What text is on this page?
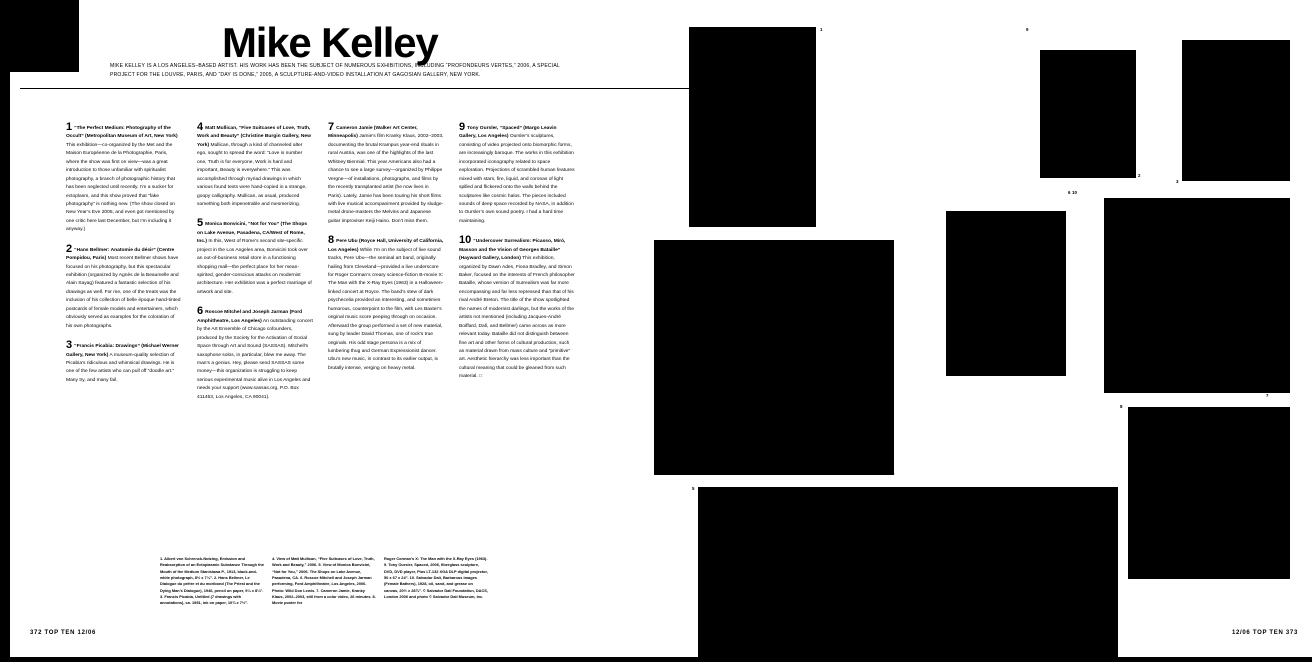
Mike Kelley
MIKE KELLEY IS A LOS ANGELES–BASED ARTIST. HIS WORK HAS BEEN THE SUBJECT OF NUMEROUS EXHIBITIONS, INCLUDING “PROFONDEURS VERTES,” 2006, A SPECIAL PROJECT FOR THE LOUVRE, PARIS, AND “DAY IS DONE,” 2005, A SCULPTURE-AND-VIDEO INSTALLATION AT GAGOSIAN GALLERY, NEW YORK.

1 “The Perfect Medium: Photography of the Occult” (Metropolitan Museum of Art, New York) This exhibition—co-organized by the Met and the Maison Européenne de la Photographie, Paris, where the show was first on view—was a great introduction to those unfamiliar with spiritualist photography, a branch of photographic history that has been neglected until recently. I’m a sucker for ectoplasm, and this show proved that “fake photography” is nothing new. (The show closed on New Year’s Eve 2005, and even got mentioned by one critic here last December, but I’m including it anyway.)

2 “Hans Bellmer: Anatomie du désir” (Centre Pompidou, Paris) Most recent Bellmer shows have focused on his photography, but this spectacular exhibition (organized by Agnès de la Beaumelle and Alain Sayag) featured a fantastic selection of his drawings as well. For me, one of the treats was the inclusion of his collection of belle époque hand-tinted postcards of female models and entertainers, which obviously served as examples for the coloration of his own photographs.

3 “Francis Picabia: Drawings” (Michael Werner Gallery, New York) A museum-quality selection of Picabia’s ridiculous and whimsical drawings. He is one of the few artists who can pull off “doodle art.” Many try, and many fail.

4 Matt Mullican, “Five Suitcases of Love, Truth, Work and Beauty” (Christine Burgin Gallery, New York) Mullican, through a kind of channeled alter ego, sought to spread the word: “Love is number one, Truth is for everyone, Work is hard and important, Beauty is everywhere.” This was accomplished through myriad drawings in which various found texts were hand-copied in a strange, goopy calligraphy. Mullican, as usual, produced something both impenetrable and mesmerizing.

5 Monica Bonvicini, “Not for You” (The Shops on Lake Avenue, Pasadena, CA/West of Rome, Inc.) In this, West of Rome’s second site-specific project in the Los Angeles area, Bonvicini took over an out-of-business retail store in a functioning shopping mall—the perfect place for her mean-spirited, gender-conscious attacks on modernist architecture. Her exhibition was a perfect marriage of artwork and site.

6 Roscoe Mitchel and Joseph Jarman (Ford Amphitheatre, Los Angeles) An outstanding concert by the Art Ensemble of Chicago cofounders, produced by the Society for the Activation of Social Space through Art and Sound (SASSAS). Mitchell’s saxophone solos, in particular, blew me away. The man’s a genius. Hey, please send SASSAS some money—this organization is struggling to keep serious experimental music alive in Los Angeles and needs your support (www.sassas.org, P.O. Box 411453, Los Angeles, CA 90041).

7 Cameron Jamie (Walker Art Center, Minneapolis) Jamie’s film Kranky Klaus, 2002–2003, documenting the brutal Krampus year-end rituals in rural Austria, was one of the highlights of the last Whitney Biennial. This year Americans also had a chance to see a large survey—organized by Philippe Vergne—of installations, photographs, and films by the recently transplanted artist (he now lives in Paris). Lately, Jamie has been touring his short films with live musical accompaniment provided by sludge-metal drone-masters the Melvins and Japanese guitar improviser Keiji Haino. Don’t miss them.

8 Pere Ubu (Royce Hall, University of California, Los Angeles) While I’m on the subject of live sound tracks, Pere Ubu—the seminal art band, originally hailing from Cleveland—provided a live underscore for Roger Corman’s creary science-fiction B-movie X: The Man with the X-Ray Eyes (1963) in a Halloween-linked concert at Royce. The band’s stew of dark psychecelia provided an interesting, and sometimes humorous, counterpoint to the film, with Les Baxter’s original music score peeping through on occasion. Afterward the group performed a set of new material, sung by leader David Thomas, one of rock’s true originals. His odd stage persona is a mix of lumbering thug and German Expressionist dancer. Ubu’s new music, in contrast to its earlier output, is brutally intense, verging on heavy metal.

9 Tony Oursler, “Spaced” (Margo Leavin Gallery, Los Angeles) Oursler’s sculptures, consisting of video projected onto biomorphic forms, are increasingly baroque. The works in this exhibition incorporated iconography related to space exploration. Projections of scrambled human features mixed with stars, fire, liquid, and coronas of light spilled and flickered onto the walls behind the sculptures like cosmic halos. The pieces included sounds of deep space recorded by NASA, in addition to Oursler’s own sound poetry. I had a hard time maintaining.

10 “Undercover Surrealism: Picasso, Miró, Masson and the Vision of Georges Bataille” (Hayward Gallery, London) This exhibition, organized by Dawn Ades, Fiona Bradley, and Simon Baker, focused on the interests of French philosopher Bataille, whose version of Surrealism was far more encompassing and far less repressed than that of his rival André Breton. The title of the show spotlighted the names of modernist darlings, but the works of the artists not mentioned (including Jacques-André Boiffard, Dalí, and Bellmer) came across as more relevant today. Bataille did not distinguish between fine art and other forms of cultural production, such as material drawn from mass culture and “primitive” art. Aesthetic hierarchy was less important than the cultural meaning that could be gleaned from such material. □

1. Albert von Schrenck-Notzing, Emission and Reabsorption of an Ectoplasmic Substance Through the Mouth of the Medium Stanislawa P., 1913, black-and-white photograph, 8½ x 7¼″. 2. Hans Bellmer, Le Dialogue du prêtre et du moribond (The Priest and the Dying Man’s Dialogue), 1946, pencil on paper, 9¼ x 8¼″. 3. Francis Picabia, Untitled (7 drawings with annotations), ca. 1951, ink on paper, 10¾ x 7½″.
4. View of Matt Mullican, “Five Suitcases of Love, Truth, Work and Beauty,” 2006. 5. View of Monica Bonvicini, “Not for You,” 2006. The Shops on Lake Avenue, Pasadena, CA. 6. Roscoe Mitchell and Joseph Jarman performing, Ford Amphitheatre, Los Angeles, 2006. Photo: Wild Don Lewis. 7. Cameron Jamie, Kranky Klaus, 2002–2003, still from a color video, 26 minutes. 8. Movie poster for
Roger Corman’s X: The Man with the X-Ray Eyes (1963). 9. Tony Oursler, Spaced, 2006, fiberglass sculpture, DVD, DVD player, Plus LT-132 XGA DLP digital projector, 50 x 67 x 24″. 10. Salvador Dalí, Barbarous Images (Female Bathers), 1928, oil, sand, and grease on canvas, 20½ x 28¾″. © Salvador Dalí Foundation, DACS, London 2006 and photo © Salvador Dalí Museum, Inc.
372 TOP TEN 12/06
1
2
3
4
5
6
7
8
9
10
12/06 TOP TEN 373
